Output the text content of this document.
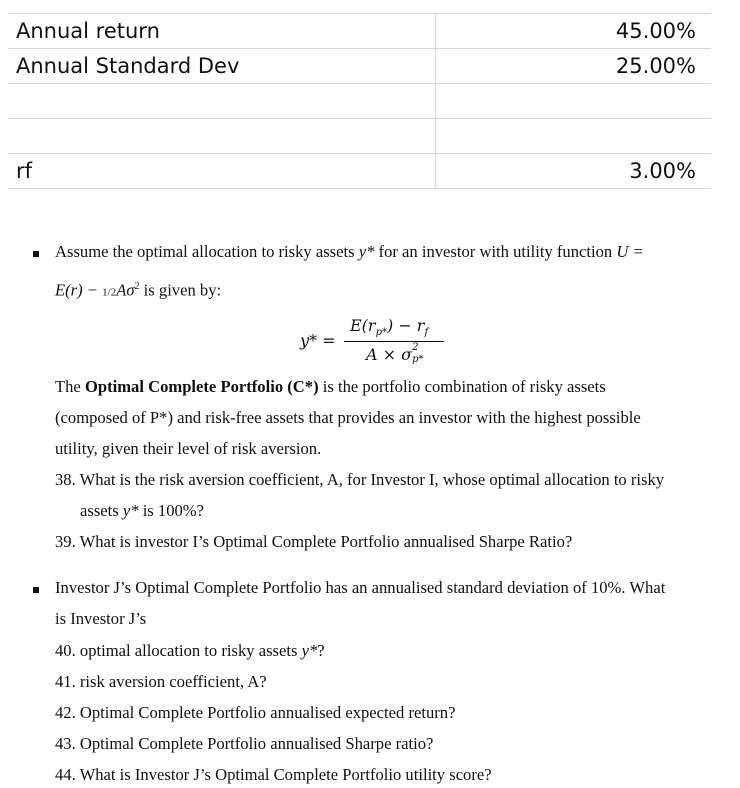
Annual return	45.00%
Annual Standard Dev	25.00%
rf	3.00%
Assume the optimal allocation to risky assets y* for an investor with utility function U =
$E(r) - 1/2A\sigma^2$ is given by:
y* =
$E(r_{p*}) - r_f$
A × σ 2
p*
The Optimal Complete Portfolio (C*) is the portfolio combination of risky assets
(composed of P*) and risk-free assets that provides an investor with the highest possible
utility, given their level of risk aversion.
38. What is the risk aversion coefficient, A, for Investor I, whose optimal allocation to risky
assets y* is 100%?
39. What is investor I’s Optimal Complete Portfolio annualised Sharpe Ratio?
Investor J’s Optimal Complete Portfolio has an annualised standard deviation of 10%. What
is Investor J’s
40. optimal allocation to risky assets y*?
41. risk aversion coefficient, A?
42. Optimal Complete Portfolio annualised expected return?
43. Optimal Complete Portfolio annualised Sharpe ratio?
44. What is Investor J’s Optimal Complete Portfolio utility score?
